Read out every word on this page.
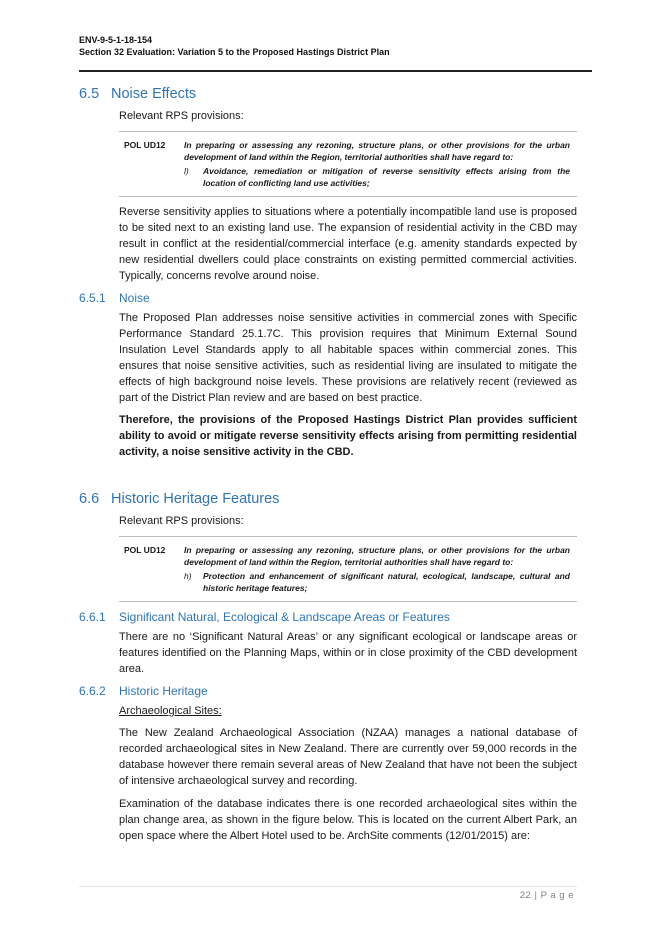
ENV-9-5-1-18-154
Section 32 Evaluation: Variation 5 to the Proposed Hastings District Plan
6.5 Noise Effects
Relevant RPS provisions:
POL UD12 In preparing or assessing any rezoning, structure plans, or other provisions for the urban development of land within the Region, territorial authorities shall have regard to:
l) Avoidance, remediation or mitigation of reverse sensitivity effects arising from the location of conflicting land use activities;
Reverse sensitivity applies to situations where a potentially incompatible land use is proposed to be sited next to an existing land use. The expansion of residential activity in the CBD may result in conflict at the residential/commercial interface (e.g. amenity standards expected by new residential dwellers could place constraints on existing permitted commercial activities. Typically, concerns revolve around noise.
6.5.1 Noise
The Proposed Plan addresses noise sensitive activities in commercial zones with Specific Performance Standard 25.1.7C. This provision requires that Minimum External Sound Insulation Level Standards apply to all habitable spaces within commercial zones. This ensures that noise sensitive activities, such as residential living are insulated to mitigate the effects of high background noise levels. These provisions are relatively recent (reviewed as part of the District Plan review and are based on best practice.
Therefore, the provisions of the Proposed Hastings District Plan provides sufficient ability to avoid or mitigate reverse sensitivity effects arising from permitting residential activity, a noise sensitive activity in the CBD.
6.6 Historic Heritage Features
Relevant RPS provisions:
POL UD12 In preparing or assessing any rezoning, structure plans, or other provisions for the urban development of land within the Region, territorial authorities shall have regard to:
h) Protection and enhancement of significant natural, ecological, landscape, cultural and historic heritage features;
6.6.1 Significant Natural, Ecological & Landscape Areas or Features
There are no ‘Significant Natural Areas’ or any significant ecological or landscape areas or features identified on the Planning Maps, within or in close proximity of the CBD development area.
6.6.2 Historic Heritage
Archaeological Sites:
The New Zealand Archaeological Association (NZAA) manages a national database of recorded archaeological sites in New Zealand. There are currently over 59,000 records in the database however there remain several areas of New Zealand that have not been the subject of intensive archaeological survey and recording.
Examination of the database indicates there is one recorded archaeological sites within the plan change area, as shown in the figure below. This is located on the current Albert Park, an open space where the Albert Hotel used to be. ArchSite comments (12/01/2015) are:
22 | P a g e
